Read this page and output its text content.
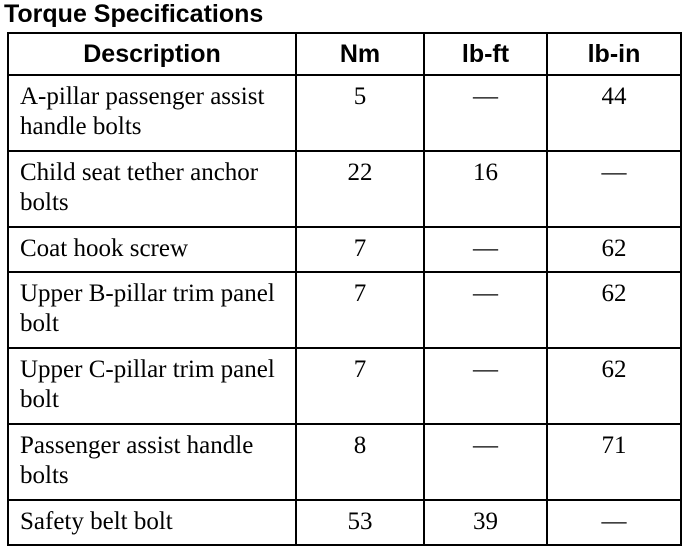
Torque Specifications
Description	Nm	lb-ft	lb-in
A-pillar passenger assist handle bolts	5	—	44
Child seat tether anchor bolts	22	16	—
Coat hook screw	7	—	62
Upper B-pillar trim panel bolt	7	—	62
Upper C-pillar trim panel bolt	7	—	62
Passenger assist handle bolts	8	—	71
Safety belt bolt	53	39	—
